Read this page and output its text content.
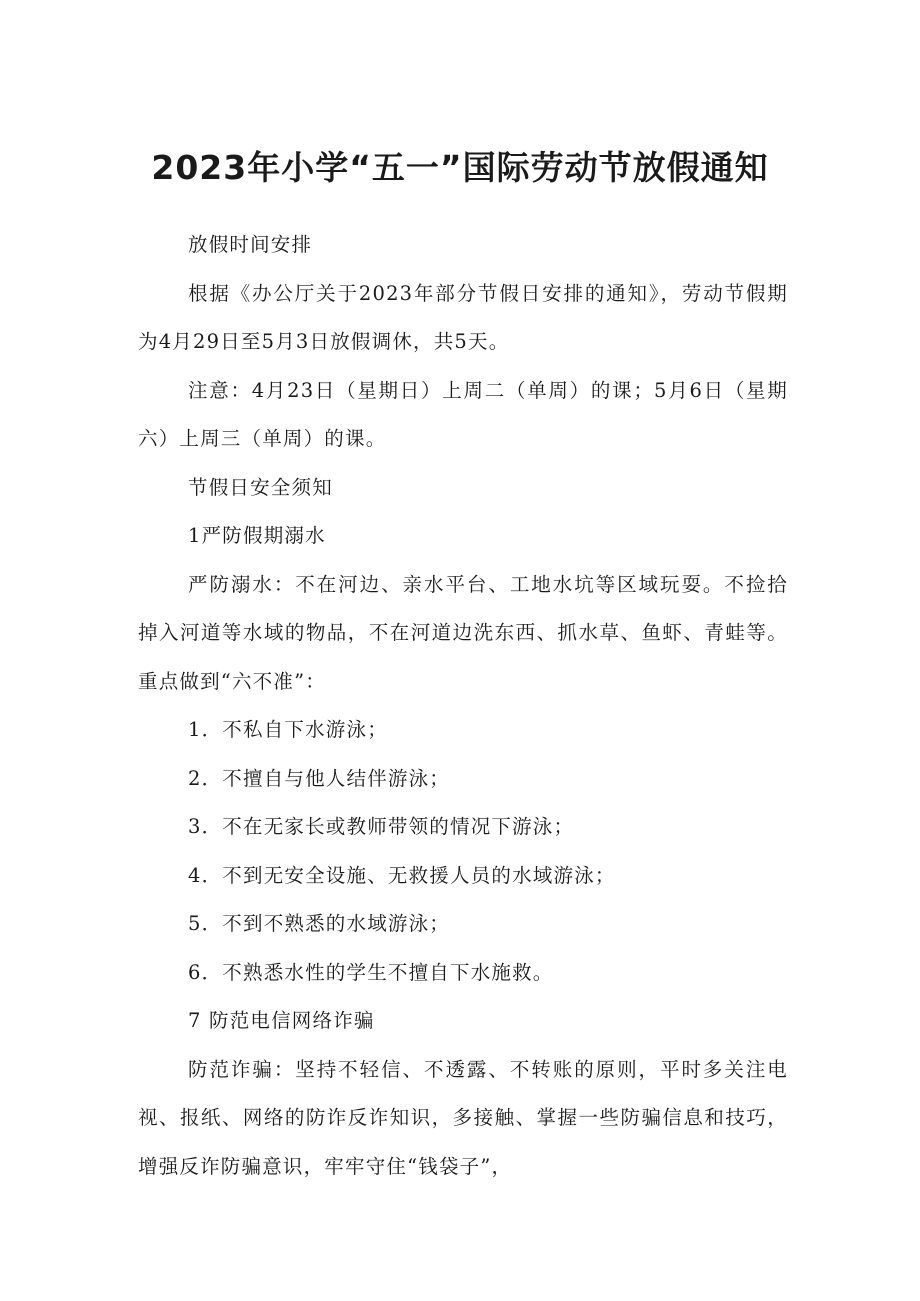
2023年小学“五一”国际劳动节放假通知

放假时间安排

根据《办公厅关于2023年部分节假日安排的通知》，劳动节假期为4月29日至5月3日放假调休，共5天。

注意：4月23日（星期日）上周二（单周）的课；5月6日（星期六）上周三（单周）的课。

节假日安全须知

1严防假期溺水

严防溺水：不在河边、亲水平台、工地水坑等区域玩耍。不捡拾掉入河道等水域的物品，不在河道边洗东西、抓水草、鱼虾、青蛙等。重点做到“六不准”：

1．不私自下水游泳；

2．不擅自与他人结伴游泳；

3．不在无家长或教师带领的情况下游泳；

4．不到无安全设施、无救援人员的水域游泳；

5．不到不熟悉的水域游泳；

6．不熟悉水性的学生不擅自下水施救。

7 防范电信网络诈骗

防范诈骗：坚持不轻信、不透露、不转账的原则，平时多关注电视、报纸、网络的防诈反诈知识，多接触、掌握一些防骗信息和技巧，增强反诈防骗意识，牢牢守住“钱袋子”，
